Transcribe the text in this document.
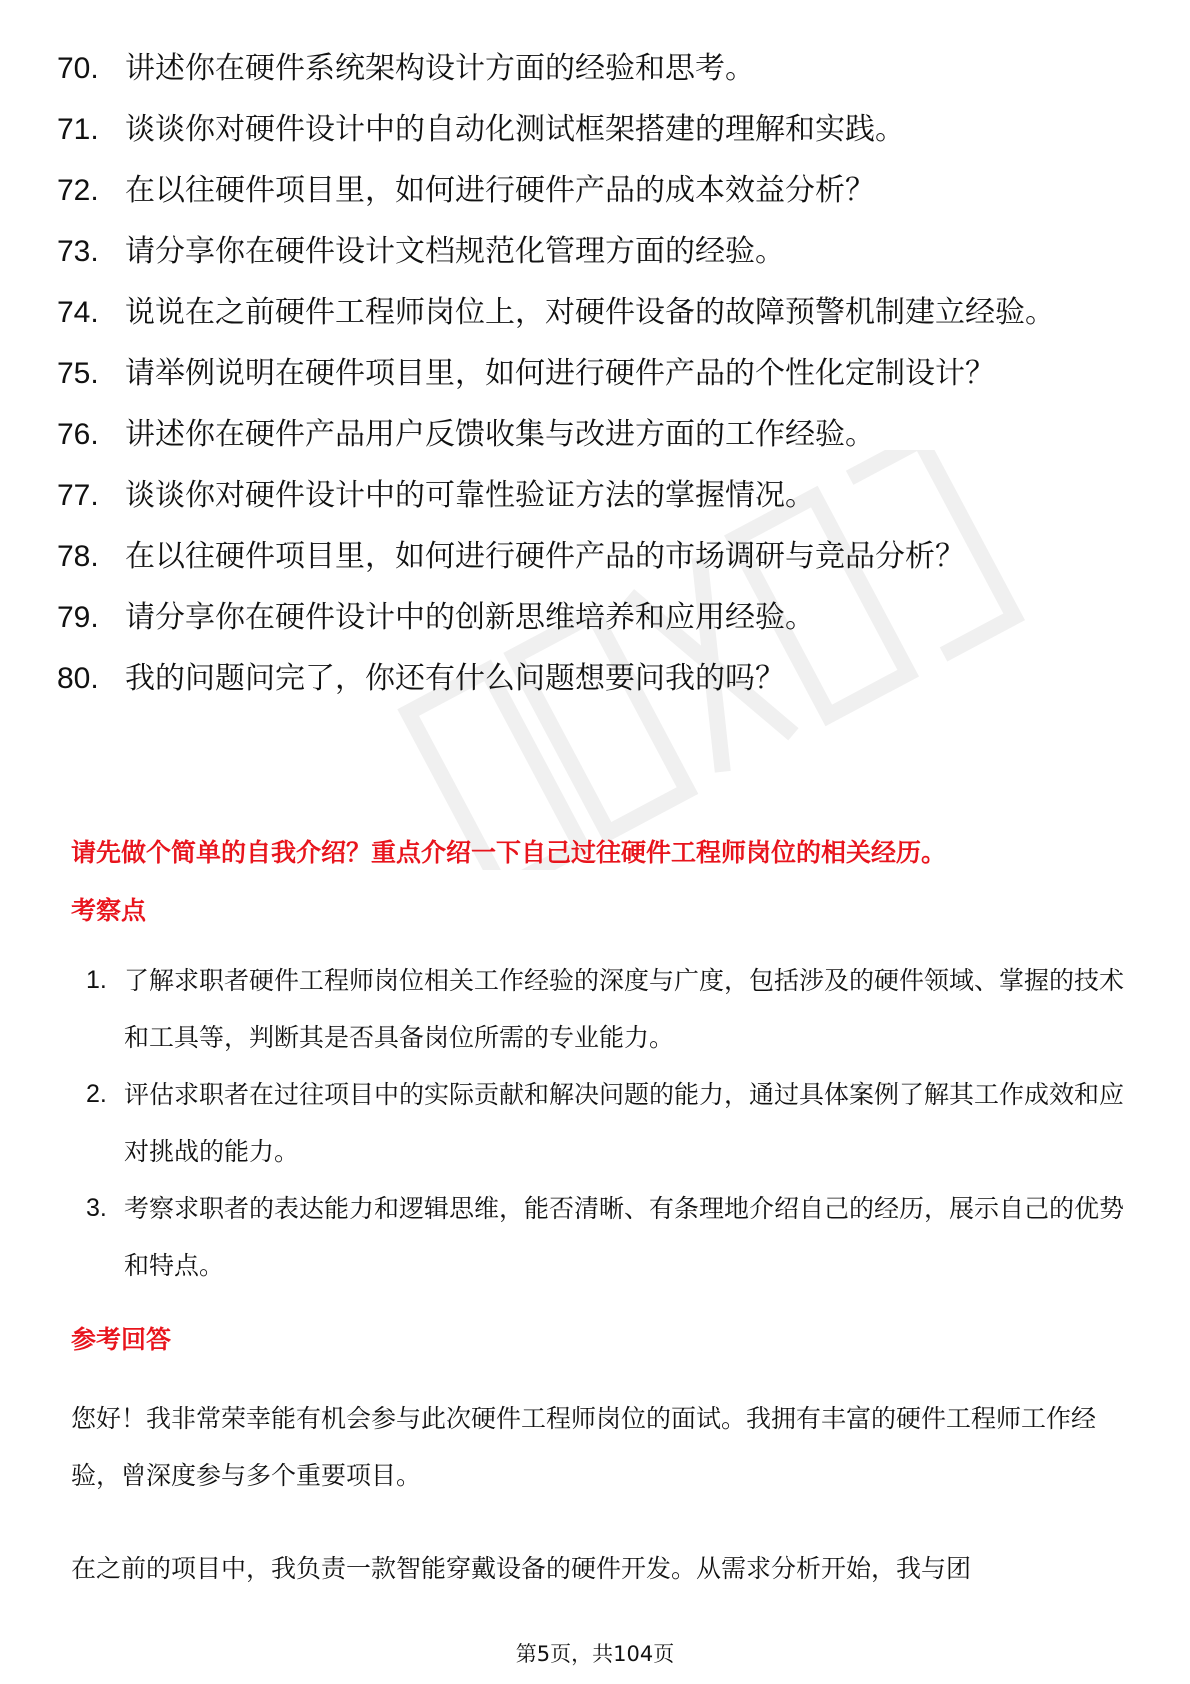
70. 讲述你在硬件系统架构设计方面的经验和思考。
71. 谈谈你对硬件设计中的自动化测试框架搭建的理解和实践。
72. 在以往硬件项目里，如何进行硬件产品的成本效益分析？
73. 请分享你在硬件设计文档规范化管理方面的经验。
74. 说说在之前硬件工程师岗位上，对硬件设备的故障预警机制建立经验。
75. 请举例说明在硬件项目里，如何进行硬件产品的个性化定制设计？
76. 讲述你在硬件产品用户反馈收集与改进方面的工作经验。
77. 谈谈你对硬件设计中的可靠性验证方法的掌握情况。
78. 在以往硬件项目里，如何进行硬件产品的市场调研与竞品分析？
79. 请分享你在硬件设计中的创新思维培养和应用经验。
80. 我的问题问完了，你还有什么问题想要问我的吗？
请先做个简单的自我介绍？重点介绍一下自己过往硬件工程师岗位的相关经历。
考察点
1. 了解求职者硬件工程师岗位相关工作经验的深度与广度，包括涉及的硬件领域、掌握的技术和工具等，判断其是否具备岗位所需的专业能力。
2. 评估求职者在过往项目中的实际贡献和解决问题的能力，通过具体案例了解其工作成效和应对挑战的能力。
3. 考察求职者的表达能力和逻辑思维，能否清晰、有条理地介绍自己的经历，展示自己的优势和特点。
参考回答
您好！我非常荣幸能有机会参与此次硬件工程师岗位的面试。我拥有丰富的硬件工程师工作经验，曾深度参与多个重要项目。
在之前的项目中，我负责一款智能穿戴设备的硬件开发。从需求分析开始，我与团
第5页，共104页
